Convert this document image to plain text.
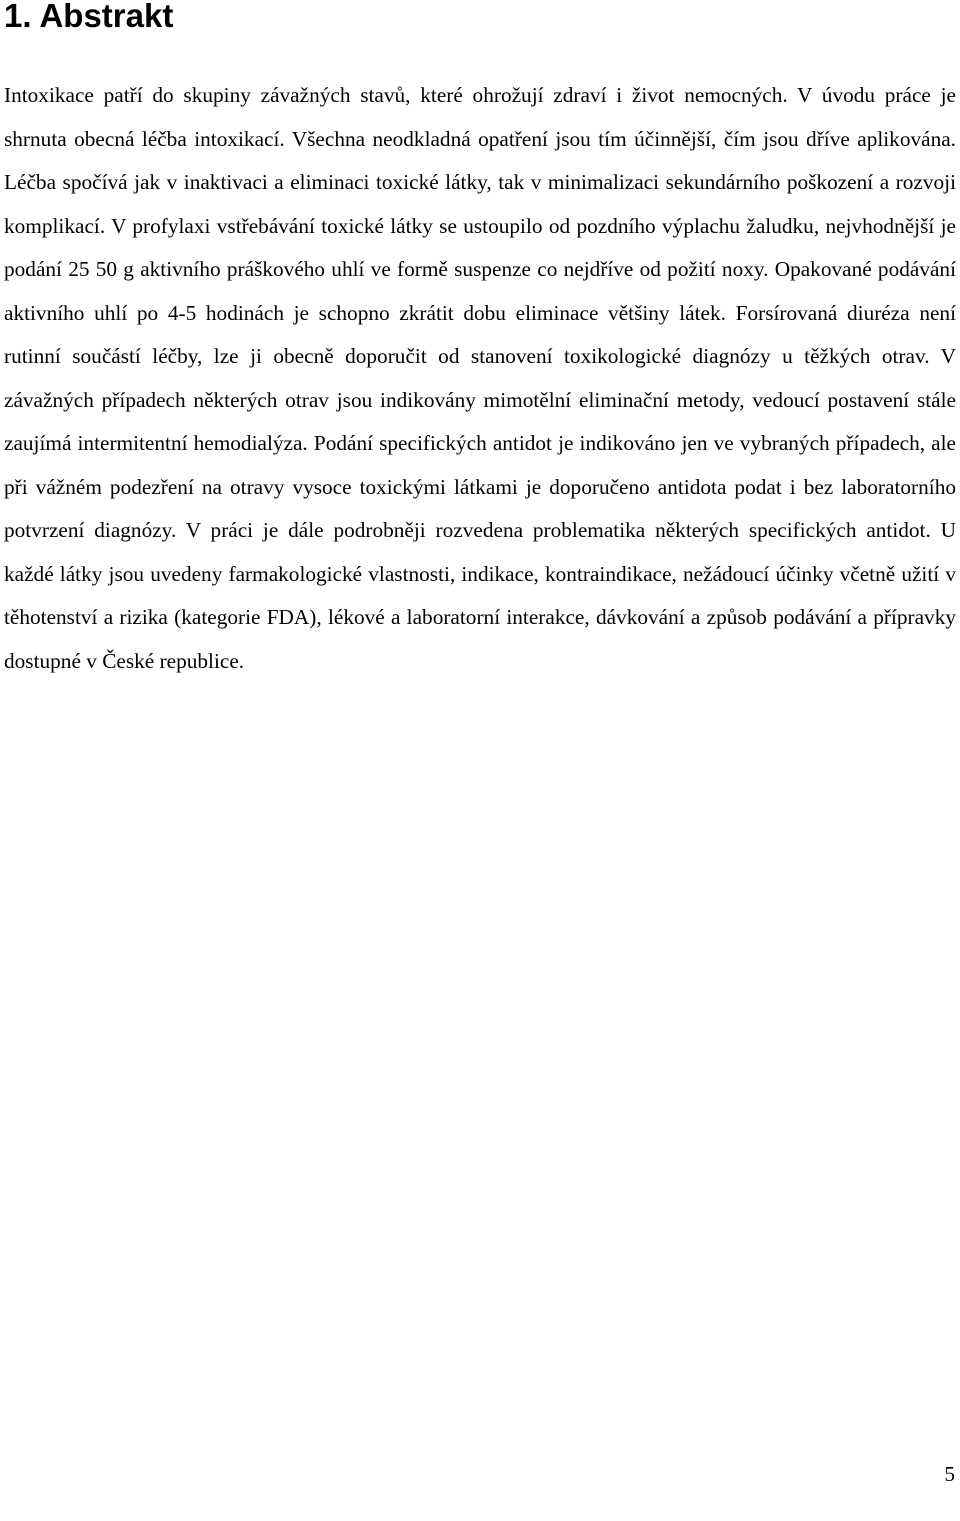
1. Abstrakt

Intoxikace patří do skupiny závažných stavů, které ohrožují zdraví i život nemocných. V úvodu práce je shrnuta obecná léčba intoxikací. Všechna neodkladná opatření jsou tím účinnější, čím jsou dříve aplikována. Léčba spočívá jak v inaktivaci a eliminaci toxické látky, tak v minimalizaci sekundárního poškození a rozvoji komplikací. V profylaxi vstřebávání toxické látky se ustoupilo od pozdního výplachu žaludku, nejvhodnější je podání 25 50 g aktivního práškového uhlí ve formě suspenze co nejdříve od požití noxy. Opakované podávání aktivního uhlí po 4-5 hodinách je schopno zkrátit dobu eliminace většiny látek. Forsírovaná diuréza není rutinní součástí léčby, lze ji obecně doporučit od stanovení toxikologické diagnózy u těžkých otrav. V závažných případech některých otrav jsou indikovány mimotělní eliminační metody, vedoucí postavení stále zaujímá intermitentní hemodialýza. Podání specifických antidot je indikováno jen ve vybraných případech, ale při vážném podezření na otravy vysoce toxickými látkami je doporučeno antidota podat i bez laboratorního potvrzení diagnózy. V práci je dále podrobněji rozvedena problematika některých specifických antidot. U každé látky jsou uvedeny farmakologické vlastnosti, indikace, kontraindikace, nežádoucí účinky včetně užití v těhotenství a rizika (kategorie FDA), lékové a laboratorní interakce, dávkování a způsob podávání a přípravky dostupné v České republice.

5
